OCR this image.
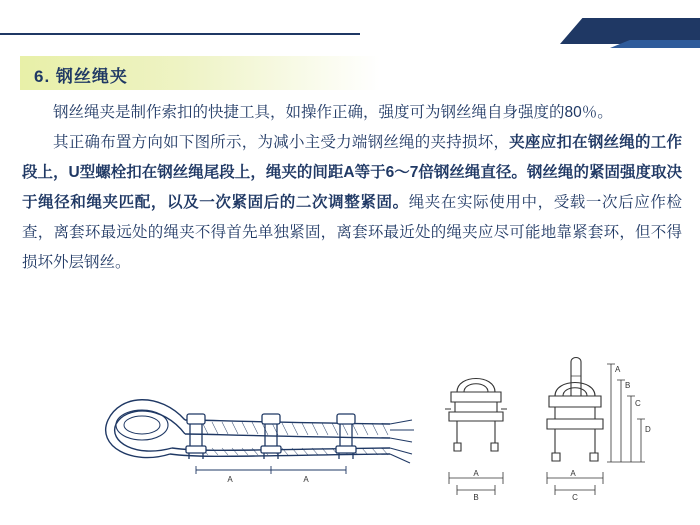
6. 钢丝绳夹

钢丝绳夹是制作索扣的快捷工具，如操作正确，强度可为钢丝绳自身强度的80％。

其正确布置方向如下图所示，为减小主受力端钢丝绳的夹持损坏，夹座应扣在钢丝绳的工作段上，U型螺栓扣在钢丝绳尾段上，绳夹的间距A等于6～7倍钢丝绳直径。钢丝绳的紧固强度取决于绳径和绳夹匹配，以及一次紧固后的二次调整紧固。绳夹在实际使用中，受载一次后应作检查，离套环最远处的绳夹不得首先单独紧固，离套环最近处的绳夹应尽可能地靠紧套环，但不得损坏外层钢丝。

A	A
A
B
C
D
A
A
C
B
